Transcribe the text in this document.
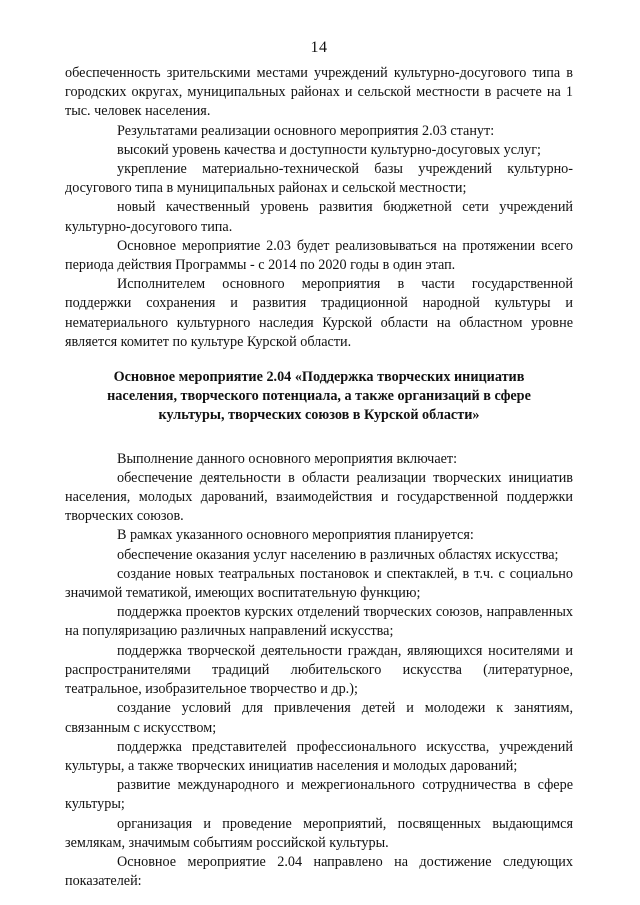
14

обеспеченность зрительскими местами учреждений культурно-досугового типа в городских округах, муниципальных районах и сельской местности в расчете на 1 тыс. человек населения.

Результатами реализации основного мероприятия 2.03 станут:

высокий уровень качества и доступности культурно-досуговых услуг;

укрепление материально-технической базы учреждений культурно-досугового типа в муниципальных районах и сельской местности;

новый качественный уровень развития бюджетной сети учреждений культурно-досугового типа.

Основное мероприятие 2.03 будет реализовываться на протяжении всего периода действия Программы - с 2014 по 2020 годы в один этап.

Исполнителем основного мероприятия в части государственной поддержки сохранения и развития традиционной народной культуры и нематериального культурного наследия Курской области на областном уровне является комитет по культуре Курской области.

Основное мероприятие 2.04 «Поддержка творческих инициатив населения, творческого потенциала, а также организаций в сфере культуры, творческих союзов в Курской области»

Выполнение данного основного мероприятия включает:

обеспечение деятельности в области реализации творческих инициатив населения, молодых дарований, взаимодействия и государственной поддержки творческих союзов.

В рамках указанного основного мероприятия планируется:

обеспечение оказания услуг населению в различных областях искусства;

создание новых театральных постановок и спектаклей, в т.ч. с социально значимой тематикой, имеющих воспитательную функцию;

поддержка проектов курских отделений творческих союзов, направленных на популяризацию различных направлений искусства;

поддержка творческой деятельности граждан, являющихся носителями и распространителями традиций любительского искусства (литературное, театральное, изобразительное творчество и др.);

создание условий для привлечения детей и молодежи к занятиям, связанным с искусством;

поддержка представителей профессионального искусства, учреждений культуры, а также творческих инициатив населения и молодых дарований;

развитие международного и межрегионального сотрудничества в сфере культуры;

организация и проведение мероприятий, посвященных выдающимся землякам, значимым событиям российской культуры.

Основное мероприятие 2.04 направлено на достижение следующих показателей:
